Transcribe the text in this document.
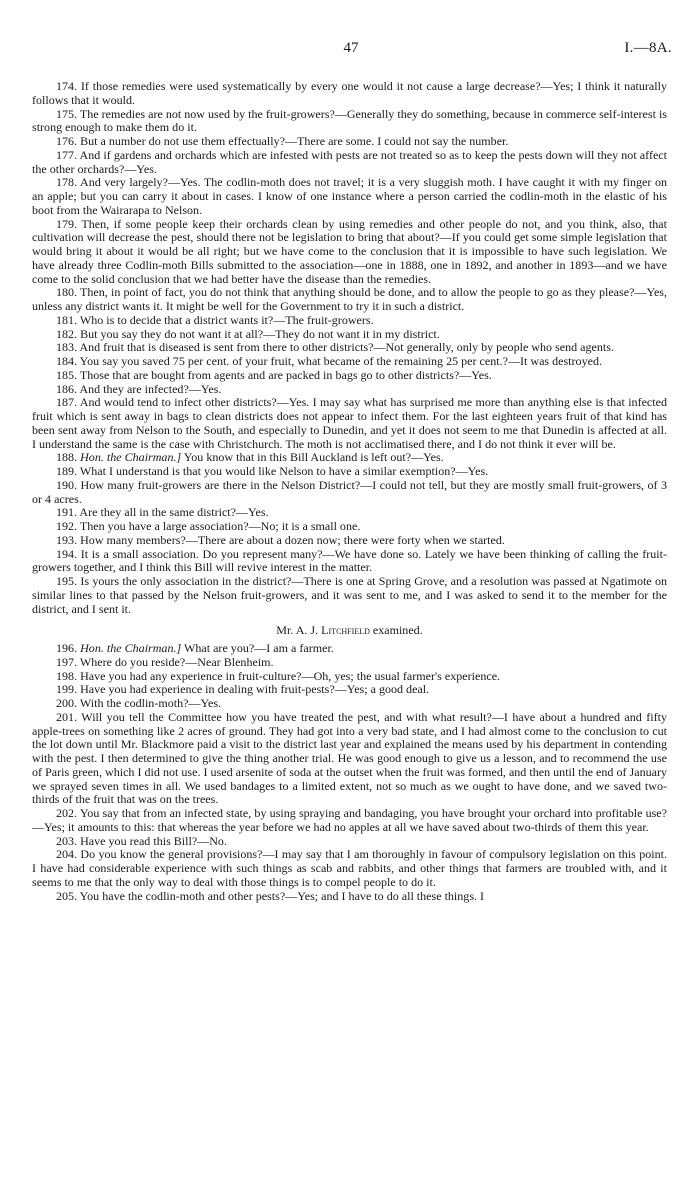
47	I.—8A.

174. If those remedies were used systematically by every one would it not cause a large decrease?—Yes; I think it naturally follows that it would.

175. The remedies are not now used by the fruit-growers?—Generally they do something, because in commerce self-interest is strong enough to make them do it.

176. But a number do not use them effectually?—There are some. I could not say the number.

177. And if gardens and orchards which are infested with pests are not treated so as to keep the pests down will they not affect the other orchards?—Yes.

178. And very largely?—Yes. The codlin-moth does not travel; it is a very sluggish moth. I have caught it with my finger on an apple; but you can carry it about in cases. I know of one instance where a person carried the codlin-moth in the elastic of his boot from the Wairarapa to Nelson.

179. Then, if some people keep their orchards clean by using remedies and other people do not, and you think, also, that cultivation will decrease the pest, should there not be legislation to bring that about?—If you could get some simple legislation that would bring it about it would be all right; but we have come to the conclusion that it is impossible to have such legislation. We have already three Codlin-moth Bills submitted to the association—one in 1888, one in 1892, and another in 1893—and we have come to the solid conclusion that we had better have the disease than the remedies.

180. Then, in point of fact, you do not think that anything should be done, and to allow the people to go as they please?—Yes, unless any district wants it. It might be well for the Government to try it in such a district.

181. Who is to decide that a district wants it?—The fruit-growers.

182. But you say they do not want it at all?—They do not want it in my district.

183. And fruit that is diseased is sent from there to other districts?—Not generally, only by people who send agents.

184. You say you saved 75 per cent. of your fruit, what became of the remaining 25 per cent.?—It was destroyed.

185. Those that are bought from agents and are packed in bags go to other districts?—Yes.

186. And they are infected?—Yes.

187. And would tend to infect other districts?—Yes. I may say what has surprised me more than anything else is that infected fruit which is sent away in bags to clean districts does not appear to infect them. For the last eighteen years fruit of that kind has been sent away from Nelson to the South, and especially to Dunedin, and yet it does not seem to me that Dunedin is affected at all. I understand the same is the case with Christchurch. The moth is not acclimatised there, and I do not think it ever will be.

188. Hon. the Chairman.] You know that in this Bill Auckland is left out?—Yes.

189. What I understand is that you would like Nelson to have a similar exemption?—Yes.

190. How many fruit-growers are there in the Nelson District?—I could not tell, but they are mostly small fruit-growers, of 3 or 4 acres.

191. Are they all in the same district?—Yes.

192. Then you have a large association?—No; it is a small one.

193. How many members?—There are about a dozen now; there were forty when we started.

194. It is a small association. Do you represent many?—We have done so. Lately we have been thinking of calling the fruit-growers together, and I think this Bill will revive interest in the matter.

195. Is yours the only association in the district?—There is one at Spring Grove, and a resolution was passed at Ngatimote on similar lines to that passed by the Nelson fruit-growers, and it was sent to me, and I was asked to send it to the member for the district, and I sent it.

Mr. A. J. Litchfield examined.

196. Hon. the Chairman.] What are you?—I am a farmer.

197. Where do you reside?—Near Blenheim.

198. Have you had any experience in fruit-culture?—Oh, yes; the usual farmer's experience.

199. Have you had experience in dealing with fruit-pests?—Yes; a good deal.

200. With the codlin-moth?—Yes.

201. Will you tell the Committee how you have treated the pest, and with what result?—I have about a hundred and fifty apple-trees on something like 2 acres of ground. They had got into a very bad state, and I had almost come to the conclusion to cut the lot down until Mr. Blackmore paid a visit to the district last year and explained the means used by his department in contending with the pest. I then determined to give the thing another trial. He was good enough to give us a lesson, and to recommend the use of Paris green, which I did not use. I used arsenite of soda at the outset when the fruit was formed, and then until the end of January we sprayed seven times in all. We used bandages to a limited extent, not so much as we ought to have done, and we saved two-thirds of the fruit that was on the trees.

202. You say that from an infected state, by using spraying and bandaging, you have brought your orchard into profitable use?—Yes; it amounts to this: that whereas the year before we had no apples at all we have saved about two-thirds of them this year.

203. Have you read this Bill?—No.

204. Do you know the general provisions?—I may say that I am thoroughly in favour of compulsory legislation on this point. I have had considerable experience with such things as scab and rabbits, and other things that farmers are troubled with, and it seems to me that the only way to deal with those things is to compel people to do it.

205. You have the codlin-moth and other pests?—Yes; and I have to do all these things. I
